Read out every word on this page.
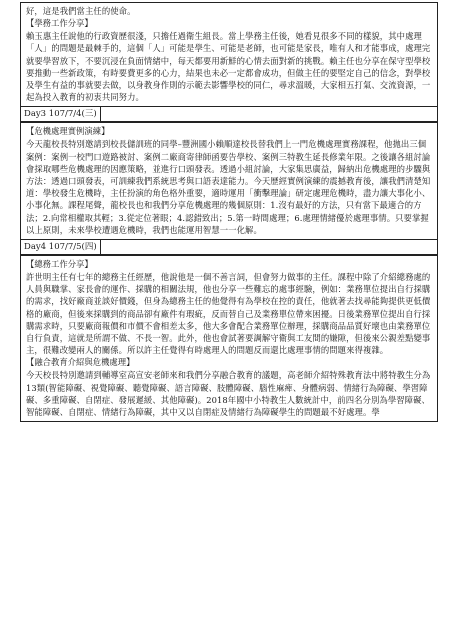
好，這是我們當主任的使命。

【學務工作分享】

賴玉惠主任說他的行政資歷很淺，只擔任過衛生組長。當上學務主任後，她看見很多不同的樣貌，其中處理「人」的問題是最棘手的，這個「人」可能是學生、可能是老師，也可能是家長，唯有人和才能事成，處理完就要學習放下，不要沉浸在負面情緒中，每天都要用新鮮的心情去面對新的挑戰。賴主任也分享在保守型學校要推動一些新政策，有時要費更多的心力，結果也未必一定都會成功，但做主任的要堅定自己的信念，對學校及學生有益的事就要去做，以身教身作則的示範去影響學校的同仁，尋求溫暖，大家相五打氣、交流資源，一起為投入教育的初衷共同努力。

Day3 107/7/4(三)

【危機處理實例演練】

今天龍校長特別邀請到校長儲訓班的同學–豐洲國小賴順達校長替我們上一門危機處理實務課程，他拋出三個案例：案例一校門口遊路被討、案例二廠商寄律師函要告學校、案例三特教生延長修業年限。之後讓各組討論會採取哪些危機處理的因應策略，並進行口頭發表。透過小組討論，大家集思廣益，歸納出危機處理的步驟與方法：透過口頭發表，可訓練我們系統思考與口語表達能力。今天歷經實例演練的震撼教育後，讓我們清楚知道：學校發生危機時，主任扮演的角色格外重要，適時運用「衝擊理論」研定處理危機時，盡力讓大事化小、小事化無。課程尾聲，龍校長也和我們分享危機處理的幾個原則：1.沒有最好的方法，只有當下最適合的方法；2.向常相權取其輕；3.從定位著眼；4.認錯致出；5.第一時間處理；6.處理情緒優於處理事情。只要掌握以上原則，未來學校遭遇危機時，我們也能運用智慧一一化解。

Day4 107/7/5(四)

【總務工作分享】

許世明主任有七年的總務主任經歷，他說他是一個不善言詞，但會努力做事的主任。課程中除了介紹總務處的人員與職掌、家長會的運作、採購的相關法規，他也分享一些難忘的處事經驗，例如：業務單位提出自行採購的需求，找好廠商並談好價錢，但身為總務主任的他覺得有為學校在控的責任，他就著去找尋能夠提供更低價格的廠商，但後來採購到的商品卻有廠件有瑕疵，反而替自己及業務單位帶來困擾。日後業務單位提出自行採購需求時，只要廠商報價和市價不會相差太多，他大多會配合業務單位辦理，採購商品品質好壞也由業務單位自行負責，這就是所謂不做、不長一智。此外，他也會試著要調解守衛與工友間的嫌隙，但後來公親差點變事主，很難改變兩人的關係。所以許主任覺得有時處理人的問題反而還比處理事情的問題來得複雜。

【融合教育介紹與危機處理】

今天校長特別邀請到輔導室高宣安老師來和我們分享融合教育的議題，高老師介紹特殊教育法中將特教生分為13類(智能障礙、視覺障礙、聽覺障礙、語言障礙、肢體障礙、腦性麻痺、身體病弱、情緒行為障礙、學習障礙、多重障礙、自閉症、發展遲緩、其他障礙)。2018年國中小特教生人數統計中，前四名分別為學習障礙、智能障礙、自閉症、情緒行為障礙，其中又以自閉症及情緒行為障礙學生的問題最不好處理。學
